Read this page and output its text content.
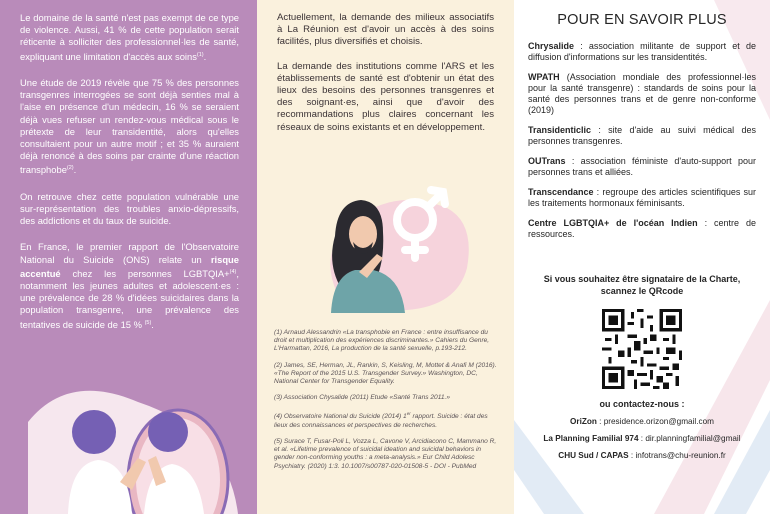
Le domaine de la santé n'est pas exempt de ce type de violence. Aussi, 41 % de cette population serait réticente à solliciter des professionnel·les de santé, expliquant une limitation d'accès aux soins$^{(1)}$.

Une étude de 2019 révèle que 75 % des personnes transgenres interrogées se sont déjà senties mal à l'aise en présence d'un médecin, 16 % se seraient déjà vues refuser un rendez-vous médical sous le prétexte de leur transidentité, alors qu'elles consultaient pour un autre motif ; et 35 % auraient déjà renoncé à des soins par crainte d'une réaction transphobe$^{(2)}$.

On retrouve chez cette population vulnérable une sur-représentation des troubles anxio-dépressifs, des addictions et du taux de suicide.

En France, le premier rapport de l'Observatoire National du Suicide (ONS) relate un risque accentué chez les personnes LGBTQIA+$^{(4)}$, notamment les jeunes adultes et adolescent·es : une prévalence de 28 % d'idées suicidaires dans la population transgenre, une prévalence des tentatives de suicide de 15 % $^{(5)}$.

Actuellement, la demande des milieux associatifs à La Réunion est d'avoir un accès à des soins facilités, plus diversifiés et choisis.

La demande des institutions comme l'ARS et les établissements de santé est d'obtenir un état des lieux des besoins des personnes transgenres et des soignant·es, ainsi que d'avoir des recommandations plus claires concernant les réseaux de soins existants et en développement.

(1) Arnaud Alessandrin «La transphobie en France : entre insuffisance du droit et multiplication des expériences discriminantes.» Cahiers du Genre, L'Harmattan, 2016, La production de la santé sexuelle, p.193-212.

(2) James, SE, Herman, JL, Rankin, S, Keisling, M, Mottet & Anafi M (2016). «The Report of the 2015 U.S. Transgender Survey.» Washington, DC, National Center for Transgender Equality.

(3) Association Chysalide (2011) Etude «Santé Trans 2011.»

(4) Observatoire National du Suicide (2014) 1er rapport. Suicide : état des lieux des connaissances et perspectives de recherches.

(5) Surace T, Fusar-Poli L, Vozza L, Cavone V, Arcidiacono C, Mammano R, et al. «Lifetime prevalence of suicidal ideation and suicidal behaviors in gender non-conforming youths : a meta-analysis.» Eur Child Adolesc Psychiatry. (2020) 1:3. 10.1007/s00787-020-01508-5 - DOI - PubMed

POUR EN SAVOIR PLUS
Chrysalide : association militante de support et de diffusion d'informations sur les transidentités.
WPATH (Association mondiale des professionnel·les pour la santé transgenre) : standards de soins pour la santé des personnes trans et de genre non-conforme (2019)
Transidenticlic : site d'aide au suivi médical des personnes transgenres.
OUTrans : association féministe d'auto-support pour personnes trans et alliées.
Transcendance : regroupe des articles scientifiques sur les traitements hormonaux féminisants.
Centre LGBTQIA+ de l'océan Indien : centre de ressources.
Si vous souhaitez être signataire de la Charte,
scannez le QRcode
ou contactez-nous :
OriZon : presidence.orizon@gmail.com
La Planning Familial 974 : dir.planningfamilial@gmail
CHU Sud / CAPAS : infotrans@chu-reunion.fr
